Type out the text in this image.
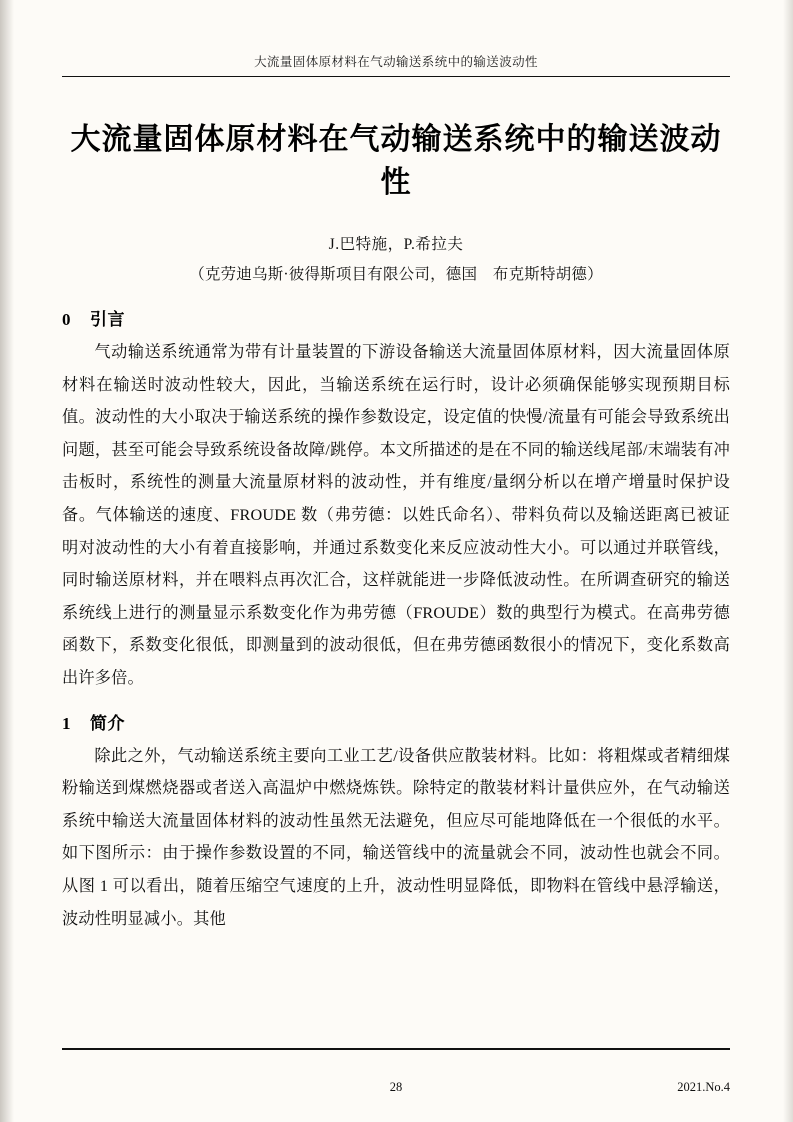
大流量固体原材料在气动输送系统中的输送波动性
大流量固体原材料在气动输送系统中的输送波动性
J.巴特施，P.希拉夫
（克劳迪乌斯·彼得斯项目有限公司，德国　布克斯特胡德）
0 引言

气动输送系统通常为带有计量装置的下游设备输送大流量固体原材料，因大流量固体原材料在输送时波动性较大，因此，当输送系统在运行时，设计必须确保能够实现预期目标值。波动性的大小取决于输送系统的操作参数设定，设定值的快慢/流量有可能会导致系统出问题，甚至可能会导致系统设备故障/跳停。本文所描述的是在不同的输送线尾部/末端装有冲击板时，系统性的测量大流量原材料的波动性，并有维度/量纲分析以在增产增量时保护设备。气体输送的速度、FROUDE 数（弗劳德：以姓氏命名）、带料负荷以及输送距离已被证明对波动性的大小有着直接影响，并通过系数变化来反应波动性大小。可以通过并联管线，同时输送原材料，并在喂料点再次汇合，这样就能进一步降低波动性。在所调查研究的输送系统线上进行的测量显示系数变化作为弗劳德（FROUDE）数的典型行为模式。在高弗劳德函数下，系数变化很低，即测量到的波动很低，但在弗劳德函数很小的情况下，变化系数高出许多倍。

1 简介

除此之外，气动输送系统主要向工业工艺/设备供应散装材料。比如：将粗煤或者精细煤粉输送到煤燃烧器或者送入高温炉中燃烧炼铁。除特定的散装材料计量供应外，在气动输送系统中输送大流量固体材料的波动性虽然无法避免，但应尽可能地降低在一个很低的水平。如下图所示：由于操作参数设置的不同，输送管线中的流量就会不同，波动性也就会不同。从图 1 可以看出，随着压缩空气速度的上升，波动性明显降低，即物料在管线中悬浮输送，波动性明显减小。其他

28	2021.No.4
